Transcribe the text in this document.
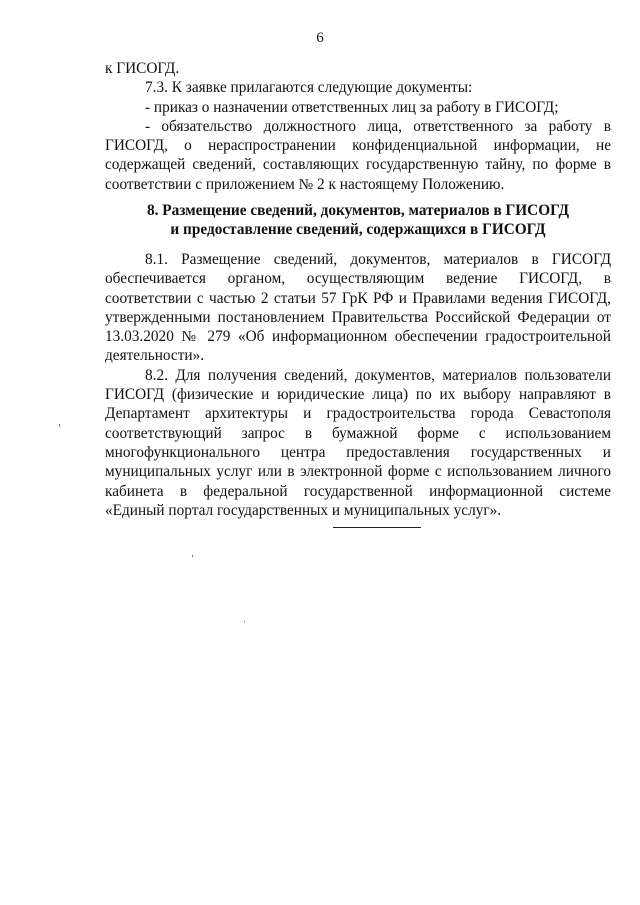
6

к ГИСОГД.

7.3. К заявке прилагаются следующие документы:

- приказ о назначении ответственных лиц за работу в ГИСОГД;

- обязательство должностного лица, ответственного за работу в ГИСОГД, о нераспространении конфиденциальной информации, не содержащей сведений, составляющих государственную тайну, по форме в соответствии с приложением № 2 к настоящему Положению.

8. Размещение сведений, документов, материалов в ГИСОГД
и предоставление сведений, содержащихся в ГИСОГД

8.1. Размещение сведений, документов, материалов в ГИСОГД обеспечивается органом, осуществляющим ведение ГИСОГД, в соответствии с частью 2 статьи 57 ГрК РФ и Правилами ведения ГИСОГД, утвержденными постановлением Правительства Российской Федерации от 13.03.2020 № 279 «Об информационном обеспечении градостроительной деятельности».

8.2. Для получения сведений, документов, материалов пользователи ГИСОГД (физические и юридические лица) по их выбору направляют в Департамент архитектуры и градостроительства города Севастополя соответствующий запрос в бумажной форме с использованием многофункционального центра предоставления государственных и муниципальных услуг или в электронной форме с использованием личного кабинета в федеральной государственной информационной системе «Единый портал государственных и муниципальных услуг».
